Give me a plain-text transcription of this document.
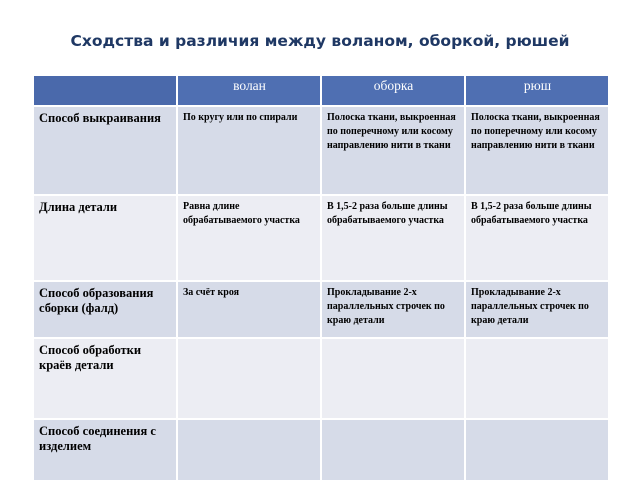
Сходства и различия между воланом, оборкой, рюшей
	волан	оборка	рюш
Способ выкраивания	По кругу или по спирали	Полоска ткани, выкроенная по поперечному или косому направлению нити в ткани	Полоска ткани, выкроенная по поперечному или косому направлению нити в ткани
Длина детали	Равна длине обрабатываемого участка	В 1,5-2 раза больше длины обрабатываемого участка	В 1,5-2 раза больше длины обрабатываемого участка
Способ образования сборки (фалд)	За счёт кроя	Прокладывание 2-х параллельных строчек по краю детали	Прокладывание 2-х параллельных строчек по краю детали
Способ обработки краёв детали			
Способ соединения с изделием			
